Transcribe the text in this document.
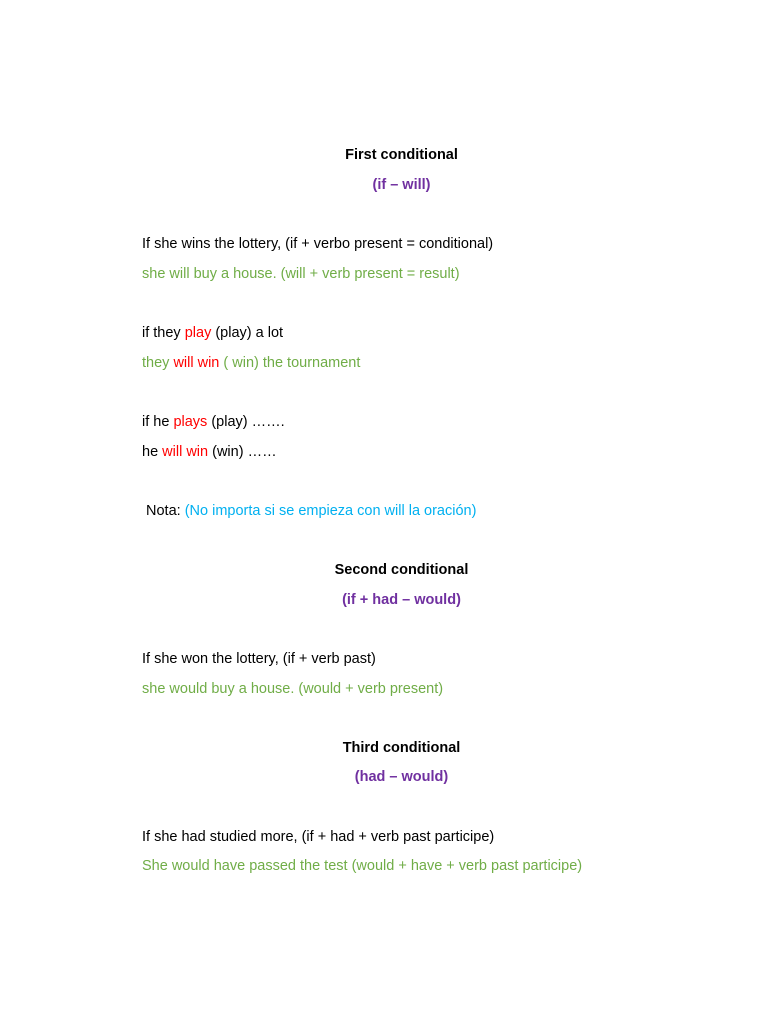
First conditional
(if – will)
If she wins the lottery, (if + verbo present = conditional)
she will buy a house. (will + verb present = result)
if they play (play) a lot
they will win ( win) the tournament
if he plays (play) …….
he will win (win) ……
Nota: (No importa si se empieza con will la oración)
Second conditional
(if + had – would)
If she won the lottery, (if + verb past)
she would buy a house. (would + verb present)
Third conditional
(had – would)
If she had studied more, (if + had + verb past participe)
She would have passed the test (would + have + verb past participe)
